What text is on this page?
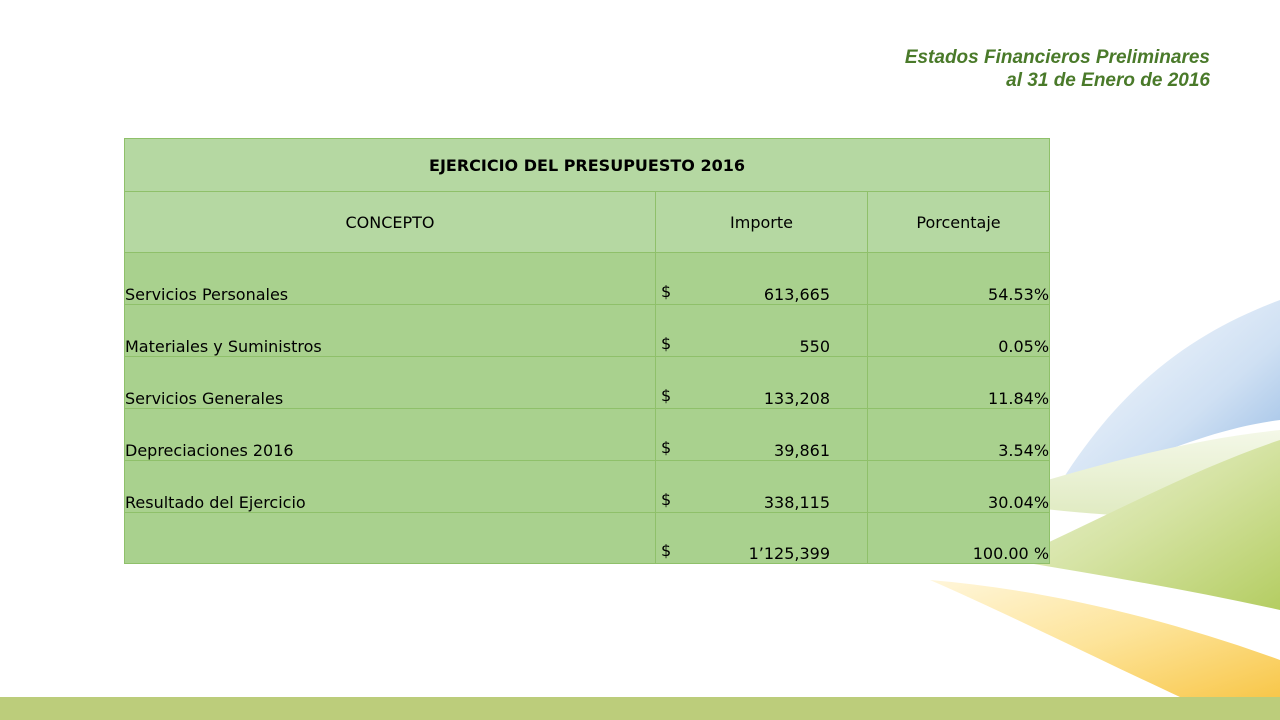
Estados Financieros Preliminares
al 31 de Enero de 2016
EJERCICIO DEL PRESUPUESTO 2016		
CONCEPTO	Importe	Porcentaje
Servicios Personales	$ 613,665	54.53%
Materiales y Suministros	$ 550	0.05%
Servicios Generales	$ 133,208	11.84%
Depreciaciones 2016	$ 39,861	3.54%
Resultado del Ejercicio	$ 338,115	30.04%

	$ 1’125,399	100.00 %
